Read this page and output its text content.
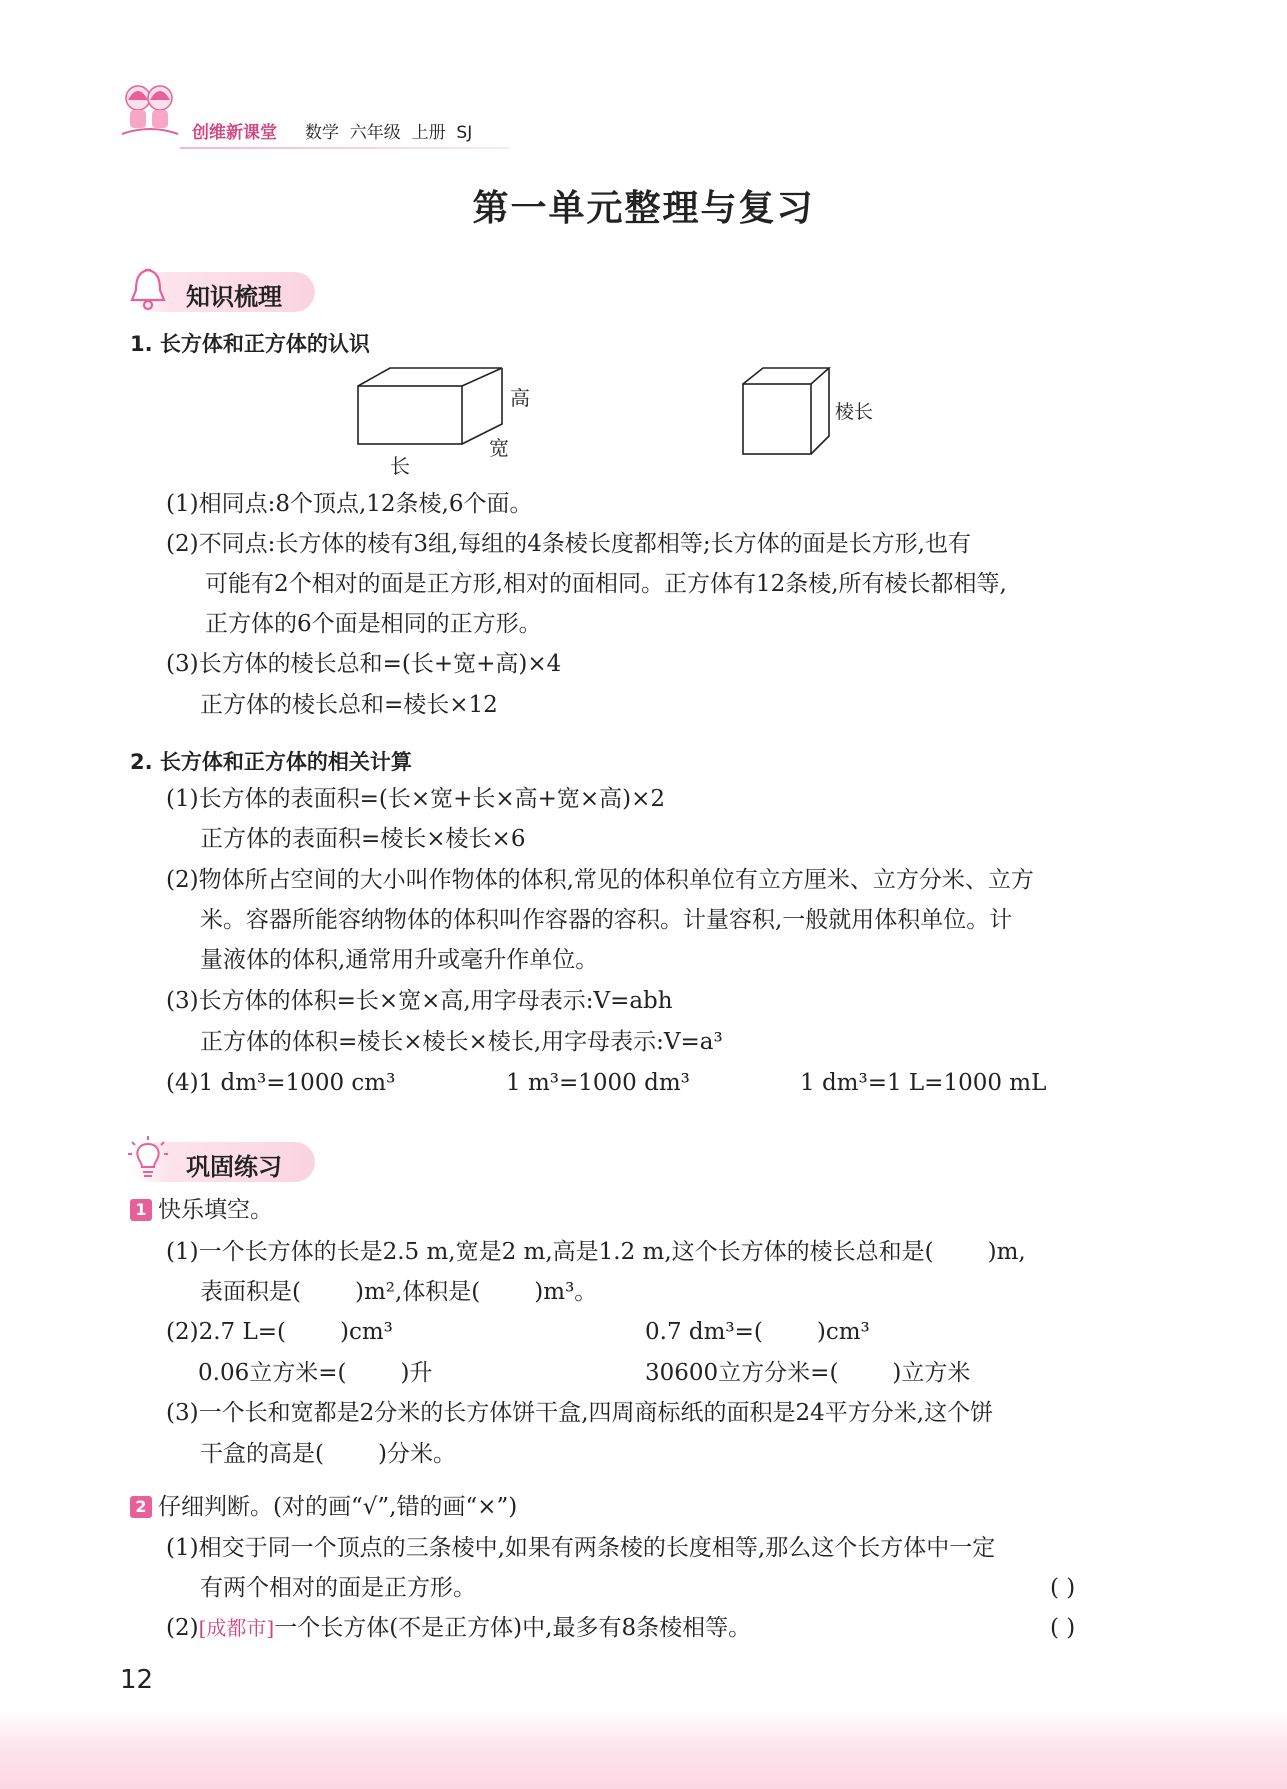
创维新课堂 数学  六年级  上册  SJ
第一单元整理与复习
知识梳理
1. 长方体和正方体的认识
高
宽
长
棱长
(1)相同点:8个顶点,12条棱,6个面。
(2)不同点:长方体的棱有3组,每组的4条棱长度都相等;长方体的面是长方形,也有
可能有2个相对的面是正方形,相对的面相同。正方体有12条棱,所有棱长都相等,
正方体的6个面是相同的正方形。
(3)长方体的棱长总和=(长+宽+高)×4
正方体的棱长总和=棱长×12
2. 长方体和正方体的相关计算
(1)长方体的表面积=(长×宽+长×高+宽×高)×2
正方体的表面积=棱长×棱长×6
(2)物体所占空间的大小叫作物体的体积,常见的体积单位有立方厘米、立方分米、立方
米。容器所能容纳物体的体积叫作容器的容积。计量容积,一般就用体积单位。计
量液体的体积,通常用升或毫升作单位。
(3)长方体的体积=长×宽×高,用字母表示:V=abh
正方体的体积=棱长×棱长×棱长,用字母表示:V=a³
(4)1 dm³=1000 cm³	1 m³=1000 dm³	1 dm³=1 L=1000 mL
巩固练习
1 快乐填空。
(1)一个长方体的长是2.5 m,宽是2 m,高是1.2 m,这个长方体的棱长总和是( )m,
表面积是( )m²,体积是( )m³。
(2)2.7 L=( )cm³	0.7 dm³=( )cm³
0.06立方米=( )升	30600立方分米=( )立方米
(3)一个长和宽都是2分米的长方体饼干盒,四周商标纸的面积是24平方分米,这个饼
干盒的高是( )分米。
2 仔细判断。(对的画“√”,错的画“×”)
(1)相交于同一个顶点的三条棱中,如果有两条棱的长度相等,那么这个长方体中一定
有两个相对的面是正方形。	( )
(2)[成都市]一个长方体(不是正方体)中,最多有8条棱相等。	( )
12
